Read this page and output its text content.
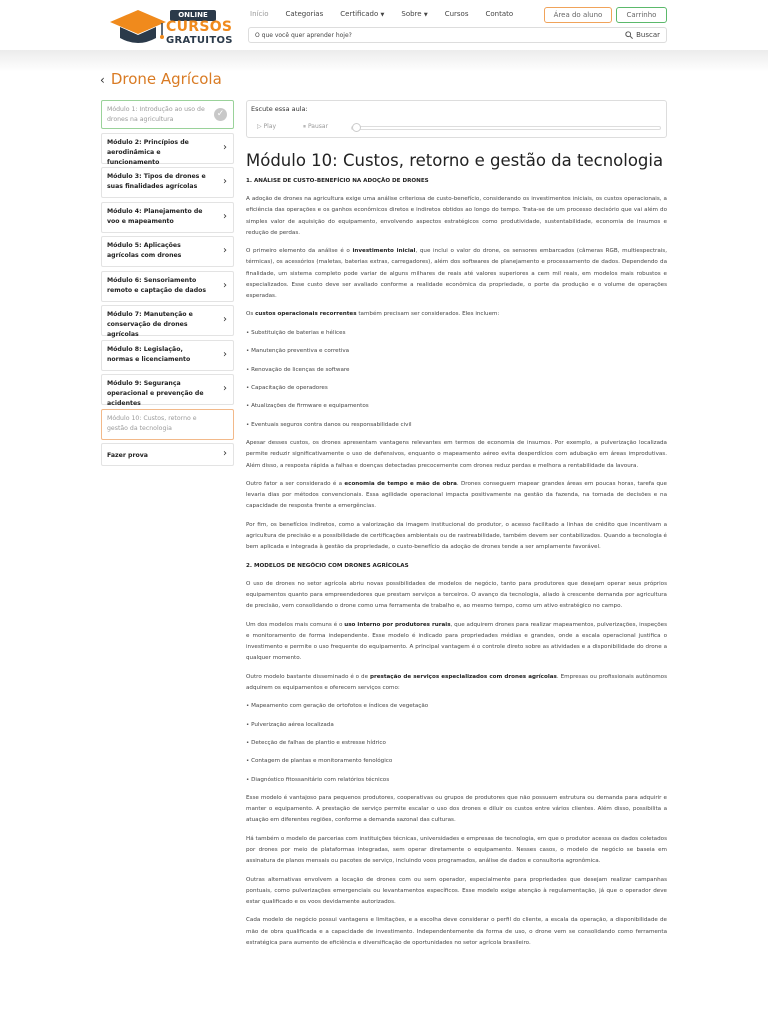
ONLINE
CURSOS
GRATUITOS
Início Categorias Certificado ▼ Sobre ▼ Cursos Contato	Área do aluno	Carrinho
O que você quer aprender hoje?	Buscar
‹ Drone Agrícola
Módulo 1: Introdução ao uso de drones na agricultura
✓
Módulo 2: Princípios de aerodinâmica e funcionamento
›
Módulo 3: Tipos de drones e suas finalidades agrícolas	›
Módulo 4: Planejamento de voo e mapeamento	›
Módulo 5: Aplicações agrícolas com drones	›
Módulo 6: Sensoriamento remoto e captação de dados ›
Módulo 7: Manutenção e conservação de drones agrícolas
›
Módulo 8: Legislação, normas e licenciamento	›
Módulo 9: Segurança operacional e prevenção de acidentes
›
Módulo 10: Custos, retorno e gestão da tecnologia
Fazer prova	›
Escute essa aula:
▷ Play	⏸ Pausar
Módulo 10: Custos, retorno e gestão da tecnologia
1. ANÁLISE DE CUSTO-BENEFÍCIO NA ADOÇÃO DE DRONES

A adoção de drones na agricultura exige uma análise criteriosa de custo-benefício, considerando os investimentos iniciais, os custos operacionais, a eficiência das operações e os ganhos econômicos diretos e indiretos obtidos ao longo do tempo. Trata-se de um processo decisório que vai além do simples valor de aquisição do equipamento, envolvendo aspectos estratégicos como produtividade, sustentabilidade, economia de insumos e redução de perdas.

O primeiro elemento da análise é o investimento inicial, que inclui o valor do drone, os sensores embarcados (câmeras RGB, multiespectrais, térmicas), os acessórios (maletas, baterias extras, carregadores), além dos softwares de planejamento e processamento de dados. Dependendo da finalidade, um sistema completo pode variar de alguns milhares de reais até valores superiores a cem mil reais, em modelos mais robustos e especializados. Esse custo deve ser avaliado conforme a realidade econômica da propriedade, o porte da produção e o volume de operações esperadas.

Os custos operacionais recorrentes também precisam ser considerados. Eles incluem:

• Substituição de baterias e hélices

• Manutenção preventiva e corretiva

• Renovação de licenças de software

• Capacitação de operadores

• Atualizações de firmware e equipamentos

• Eventuais seguros contra danos ou responsabilidade civil

Apesar desses custos, os drones apresentam vantagens relevantes em termos de economia de insumos. Por exemplo, a pulverização localizada permite reduzir significativamente o uso de defensivos, enquanto o mapeamento aéreo evita desperdícios com adubação em áreas improdutivas. Além disso, a resposta rápida a falhas e doenças detectadas precocemente com drones reduz perdas e melhora a rentabilidade da lavoura.

Outro fator a ser considerado é a economia de tempo e mão de obra. Drones conseguem mapear grandes áreas em poucas horas, tarefa que levaria dias por métodos convencionais. Essa agilidade operacional impacta positivamente na gestão da fazenda, na tomada de decisões e na capacidade de resposta frente a emergências.

Por fim, os benefícios indiretos, como a valorização da imagem institucional do produtor, o acesso facilitado a linhas de crédito que incentivam a agricultura de precisão e a possibilidade de certificações ambientais ou de rastreabilidade, também devem ser contabilizados. Quando a tecnologia é bem aplicada e integrada à gestão da propriedade, o custo-benefício da adoção de drones tende a ser amplamente favorável.

2. MODELOS DE NEGÓCIO COM DRONES AGRÍCOLAS

O uso de drones no setor agrícola abriu novas possibilidades de modelos de negócio, tanto para produtores que desejam operar seus próprios equipamentos quanto para empreendedores que prestam serviços a terceiros. O avanço da tecnologia, aliado à crescente demanda por agricultura de precisão, vem consolidando o drone como uma ferramenta de trabalho e, ao mesmo tempo, como um ativo estratégico no campo.

Um dos modelos mais comuns é o uso interno por produtores rurais, que adquirem drones para realizar mapeamentos, pulverizações, inspeções e monitoramento de forma independente. Esse modelo é indicado para propriedades médias e grandes, onde a escala operacional justifica o investimento e permite o uso frequente do equipamento. A principal vantagem é o controle direto sobre as atividades e a disponibilidade do drone a qualquer momento.

Outro modelo bastante disseminado é o de prestação de serviços especializados com drones agrícolas. Empresas ou profissionais autônomos adquirem os equipamentos e oferecem serviços como:

• Mapeamento com geração de ortofotos e índices de vegetação

• Pulverização aérea localizada

• Detecção de falhas de plantio e estresse hídrico

• Contagem de plantas e monitoramento fenológico

• Diagnóstico fitossanitário com relatórios técnicos

Esse modelo é vantajoso para pequenos produtores, cooperativas ou grupos de produtores que não possuem estrutura ou demanda para adquirir e manter o equipamento. A prestação de serviço permite escalar o uso dos drones e diluir os custos entre vários clientes. Além disso, possibilita a atuação em diferentes regiões, conforme a demanda sazonal das culturas.

Há também o modelo de parcerias com instituições técnicas, universidades e empresas de tecnologia, em que o produtor acessa os dados coletados por drones por meio de plataformas integradas, sem operar diretamente o equipamento. Nesses casos, o modelo de negócio se baseia em assinatura de planos mensais ou pacotes de serviço, incluindo voos programados, análise de dados e consultoria agronômica.

Outras alternativas envolvem a locação de drones com ou sem operador, especialmente para propriedades que desejam realizar campanhas pontuais, como pulverizações emergenciais ou levantamentos específicos. Esse modelo exige atenção à regulamentação, já que o operador deve estar qualificado e os voos devidamente autorizados.

Cada modelo de negócio possui vantagens e limitações, e a escolha deve considerar o perfil do cliente, a escala da operação, a disponibilidade de mão de obra qualificada e a capacidade de investimento. Independentemente da forma de uso, o drone vem se consolidando como ferramenta estratégica para aumento de eficiência e diversificação de oportunidades no setor agrícola brasileiro.
